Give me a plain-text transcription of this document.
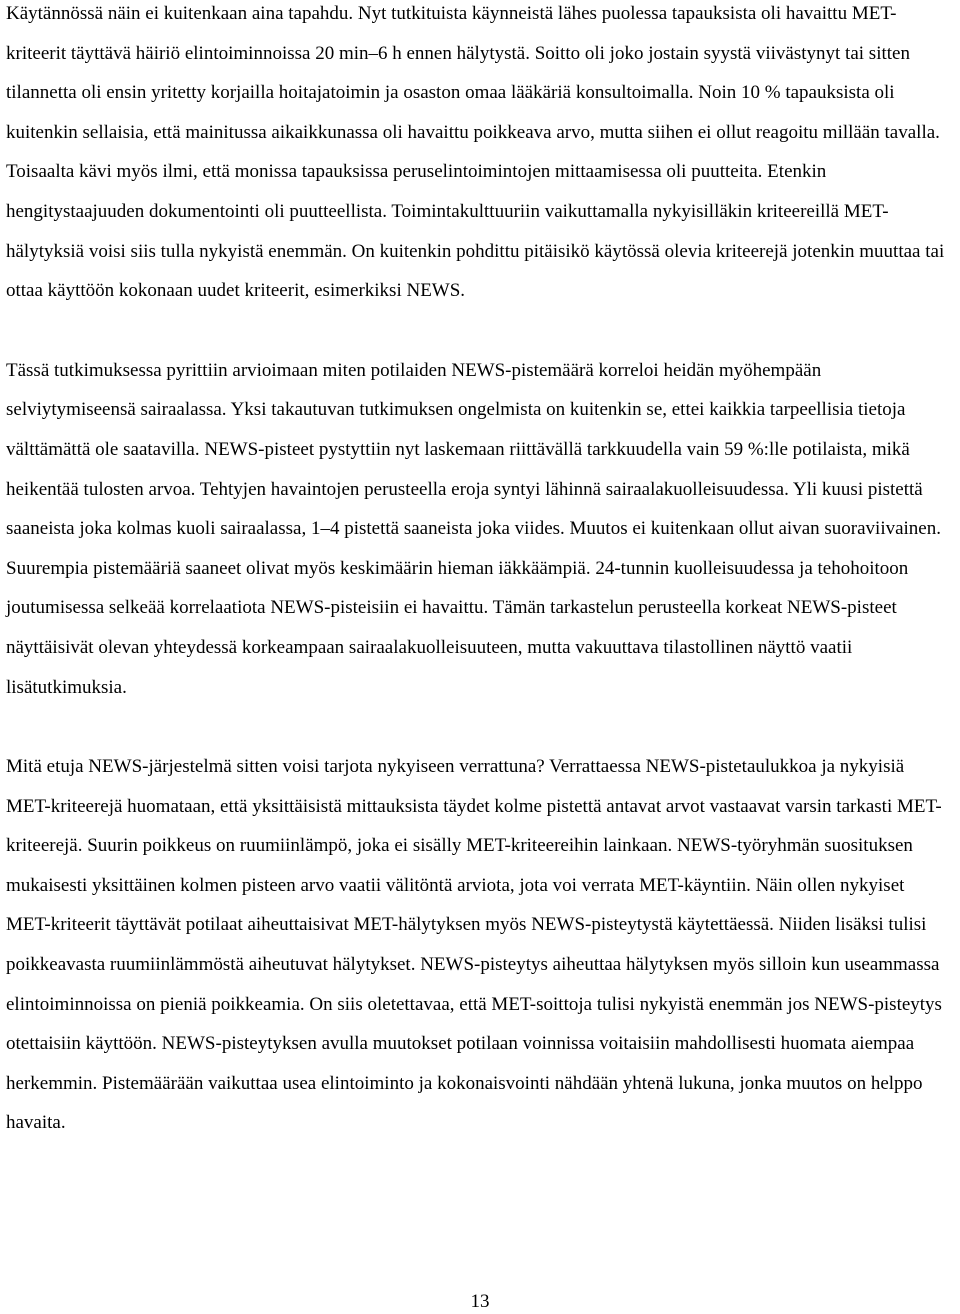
Käytännössä näin ei kuitenkaan aina tapahdu. Nyt tutkituista käynneistä lähes puolessa tapauksista oli havaittu MET-kriteerit täyttävä häiriö elintoiminnoissa 20 min–6 h ennen hälytystä. Soitto oli joko jostain syystä viivästynyt tai sitten tilannetta oli ensin yritetty korjailla hoitajatoimin ja osaston omaa lääkäriä konsultoimalla. Noin 10 % tapauksista oli kuitenkin sellaisia, että mainitussa aikaikkunassa oli havaittu poikkeava arvo, mutta siihen ei ollut reagoitu millään tavalla. Toisaalta kävi myös ilmi, että monissa tapauksissa peruselintoimintojen mittaamisessa oli puutteita. Etenkin hengitystaajuuden dokumentointi oli puutteellista. Toimintakulttuuriin vaikuttamalla nykyisilläkin kriteereillä MET-hälytyksiä voisi siis tulla nykyistä enemmän. On kuitenkin pohdittu pitäisikö käytössä olevia kriteerejä jotenkin muuttaa tai ottaa käyttöön kokonaan uudet kriteerit, esimerkiksi NEWS.

Tässä tutkimuksessa pyrittiin arvioimaan miten potilaiden NEWS-pistemäärä korreloi heidän myöhempään selviytymiseensä sairaalassa. Yksi takautuvan tutkimuksen ongelmista on kuitenkin se, ettei kaikkia tarpeellisia tietoja välttämättä ole saatavilla. NEWS-pisteet pystyttiin nyt laskemaan riittävällä tarkkuudella vain 59 %:lle potilaista, mikä heikentää tulosten arvoa. Tehtyjen havaintojen perusteella eroja syntyi lähinnä sairaalakuolleisuudessa. Yli kuusi pistettä saaneista joka kolmas kuoli sairaalassa, 1–4 pistettä saaneista joka viides. Muutos ei kuitenkaan ollut aivan suoraviivainen. Suurempia pistemääriä saaneet olivat myös keskimäärin hieman iäkkäämpiä. 24-tunnin kuolleisuudessa ja tehohoitoon joutumisessa selkeää korrelaatiota NEWS-pisteisiin ei havaittu. Tämän tarkastelun perusteella korkeat NEWS-pisteet näyttäisivät olevan yhteydessä korkeampaan sairaalakuolleisuuteen, mutta vakuuttava tilastollinen näyttö vaatii lisätutkimuksia.

Mitä etuja NEWS-järjestelmä sitten voisi tarjota nykyiseen verrattuna? Verrattaessa NEWS-pistetaulukkoa ja nykyisiä MET-kriteerejä huomataan, että yksittäisistä mittauksista täydet kolme pistettä antavat arvot vastaavat varsin tarkasti MET-kriteerejä. Suurin poikkeus on ruumiinlämpö, joka ei sisälly MET-kriteereihin lainkaan. NEWS-työryhmän suosituksen mukaisesti yksittäinen kolmen pisteen arvo vaatii välitöntä arviota, jota voi verrata MET-käyntiin. Näin ollen nykyiset MET-kriteerit täyttävät potilaat aiheuttaisivat MET-hälytyksen myös NEWS-pisteytystä käytettäessä. Niiden lisäksi tulisi poikkeavasta ruumiinlämmöstä aiheutuvat hälytykset. NEWS-pisteytys aiheuttaa hälytyksen myös silloin kun useammassa elintoiminnoissa on pieniä poikkeamia. On siis oletettavaa, että MET-soittoja tulisi nykyistä enemmän jos NEWS-pisteytys otettaisiin käyttöön. NEWS-pisteytyksen avulla muutokset potilaan voinnissa voitaisiin mahdollisesti huomata aiempaa herkemmin. Pistemäärään vaikuttaa usea elintoiminto ja kokonaisvointi nähdään yhtenä lukuna, jonka muutos on helppo havaita.

13
